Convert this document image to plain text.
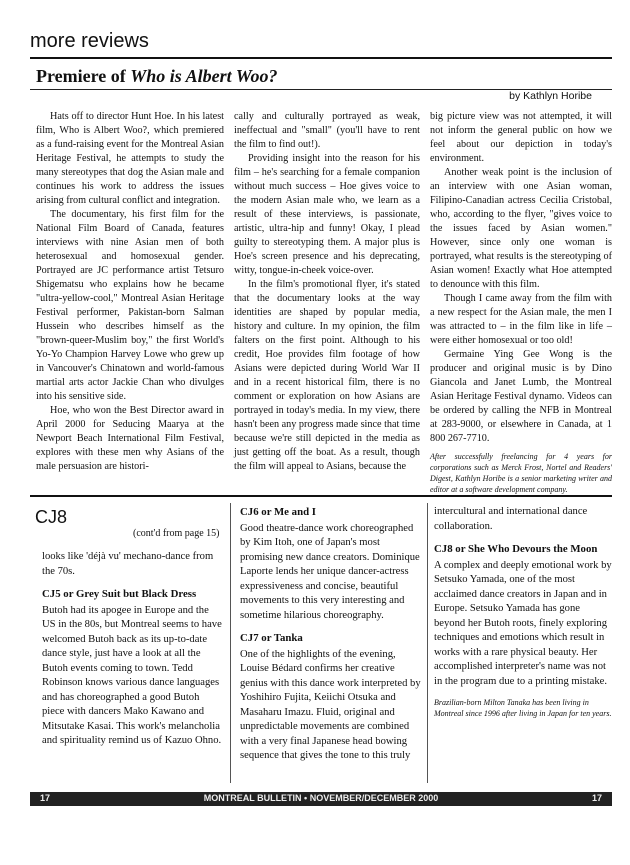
more reviews
Premiere of Who is Albert Woo?
by Kathlyn Horibe

Hats off to director Hunt Hoe. In his latest film, Who is Albert Woo?, which premiered as a fund-raising event for the Montreal Asian Heritage Festival, he attempts to study the many stereotypes that dog the Asian male and continues his work to address the issues arising from cultural conflict and integration.

The documentary, his first film for the National Film Board of Canada, features interviews with nine Asian men of both heterosexual and homosexual gender. Portrayed are JC performance artist Tetsuro Shigematsu who explains how he became "ultra-yellow-cool," Montreal Asian Heritage Festival performer, Pakistan-born Salman Hussein who describes himself as the "brown-queer-Muslim boy," the first World's Yo-Yo Champion Harvey Lowe who grew up in Vancouver's Chinatown and world-famous martial arts actor Jackie Chan who divulges into his sensitive side.

Hoe, who won the Best Director award in April 2000 for Seducing Maarya at the Newport Beach International Film Festival, explores with these men why Asians of the male persuasion are histori-

cally and culturally portrayed as weak, ineffectual and "small" (you'll have to rent the film to find out!).

Providing insight into the reason for his film – he's searching for a female companion without much success – Hoe gives voice to the modern Asian male who, we learn as a result of these interviews, is passionate, artistic, ultra-hip and funny! Okay, I plead guilty to stereotyping them. A major plus is Hoe's screen presence and his deprecating, witty, tongue-in-cheek voice-over.

In the film's promotional flyer, it's stated that the documentary looks at the way identities are shaped by popular media, history and culture. In my opinion, the film falters on the first point. Although to his credit, Hoe provides film footage of how Asians were depicted during World War II and in a recent historical film, there is no comment or exploration on how Asians are portrayed in today's media. In my view, there hasn't been any progress made since that time because we're still depicted in the media as just getting off the boat. As a result, though the film will appeal to Asians, because the

big picture view was not attempted, it will not inform the general public on how we feel about our depiction in today's environment.

Another weak point is the inclusion of an interview with one Asian woman, Filipino-Canadian actress Cecilia Cristobal, who, according to the flyer, "gives voice to the issues faced by Asian women." However, since only one woman is portrayed, what results is the stereotyping of Asian women! Exactly what Hoe attempted to denounce with this film.

Though I came away from the film with a new respect for the Asian male, the men I was attracted to – in the film like in life – were either homosexual or too old!

Germaine Ying Gee Wong is the producer and original music is by Dino Giancola and Janet Lumb, the Montreal Asian Heritage Festival dynamo. Videos can be ordered by calling the NFB in Montreal at 283-9000, or elsewhere in Canada, at 1 800 267-7710.

After successfully freelancing for 4 years for corporations such as Merck Frost, Nortel and Readers' Digest, Kathlyn Horibe is a senior marketing writer and editor at a software development company.
CJ8
(cont'd from page 15)

looks like 'déjà vu' mechano-dance from the 70s.

CJ5 or Grey Suit but Black Dress

Butoh had its apogee in Europe and the US in the 80s, but Montreal seems to have welcomed Butoh back as its up-to-date dance style, just have a look at all the Butoh events coming to town. Tedd Robinson knows various dance languages and has choreographed a good Butoh piece with dancers Mako Kawano and Mitsutake Kasai. This work's melancholia and spirituality remind us of Kazuo Ohno.

CJ6 or Me and I

Good theatre-dance work choreographed by Kim Itoh, one of Japan's most promising new dance creators. Dominique Laporte lends her unique dancer-actress expressiveness and concise, beautiful movements to this very interesting and sometime hilarious choreography.

CJ7 or Tanka

One of the highlights of the evening, Louise Bédard confirms her creative genius with this dance work interpreted by Yoshihiro Fujita, Keiichi Otsuka and Masaharu Imazu. Fluid, original and unpredictable movements are combined with a very final Japanese head bowing sequence that gives the tone to this truly

intercultural and international dance collaboration.

CJ8 or She Who Devours the Moon

A complex and deeply emotional work by Setsuko Yamada, one of the most acclaimed dance creators in Japan and in Europe. Setsuko Yamada has gone beyond her Butoh roots, finely exploring techniques and emotions which result in works with a rare physical beauty. Her accomplished interpreter's name was not in the program due to a printing mistake.

Brazilian-born Milton Tanaka has been living in Montreal since 1996 after living in Japan for ten years.
17	MONTREAL BULLETIN • NOVEMBER/DECEMBER 2000	17
